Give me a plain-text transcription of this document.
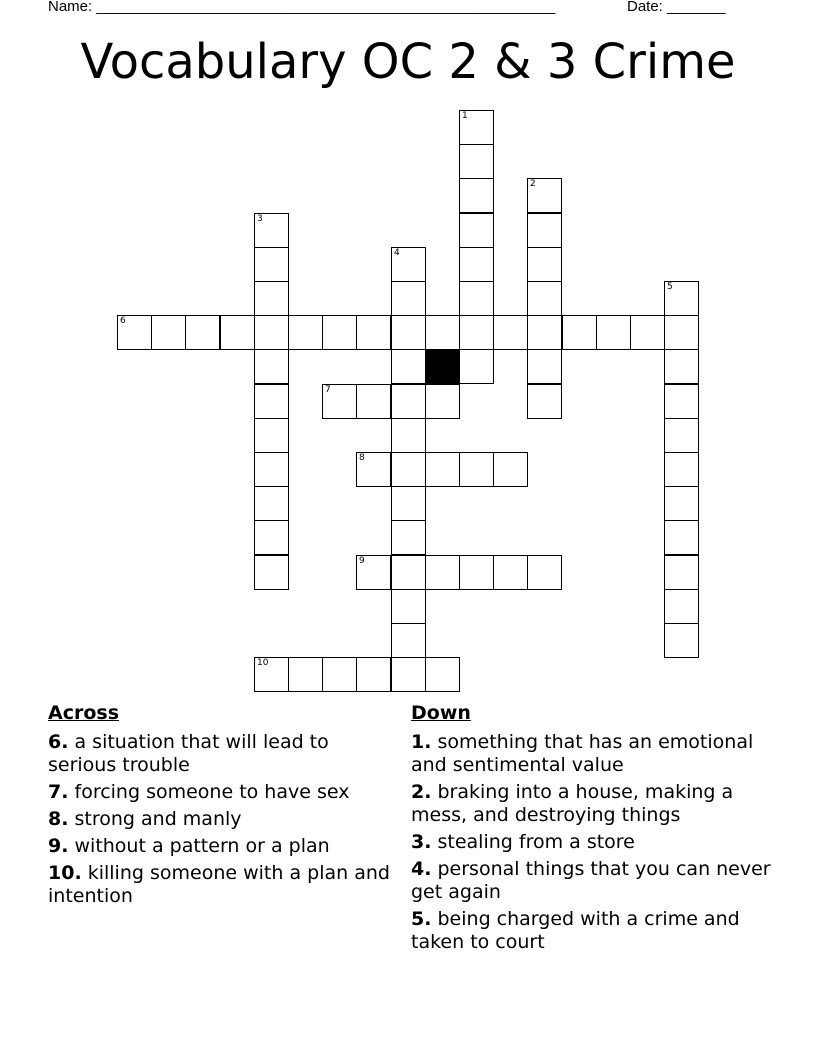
Name: _______________________________________________________	Date: _______
Vocabulary OC 2 & 3 Crime
1
2
3
4
5
6
7
8
9
10
Across
6. a situation that will lead to serious trouble
7. forcing someone to have sex
8. strong and manly
9. without a pattern or a plan
10. killing someone with a plan and intention
Down
1. something that has an emotional and sentimental value
2. braking into a house, making a mess, and destroying things
3. stealing from a store
4. personal things that you can never get again
5. being charged with a crime and taken to court
